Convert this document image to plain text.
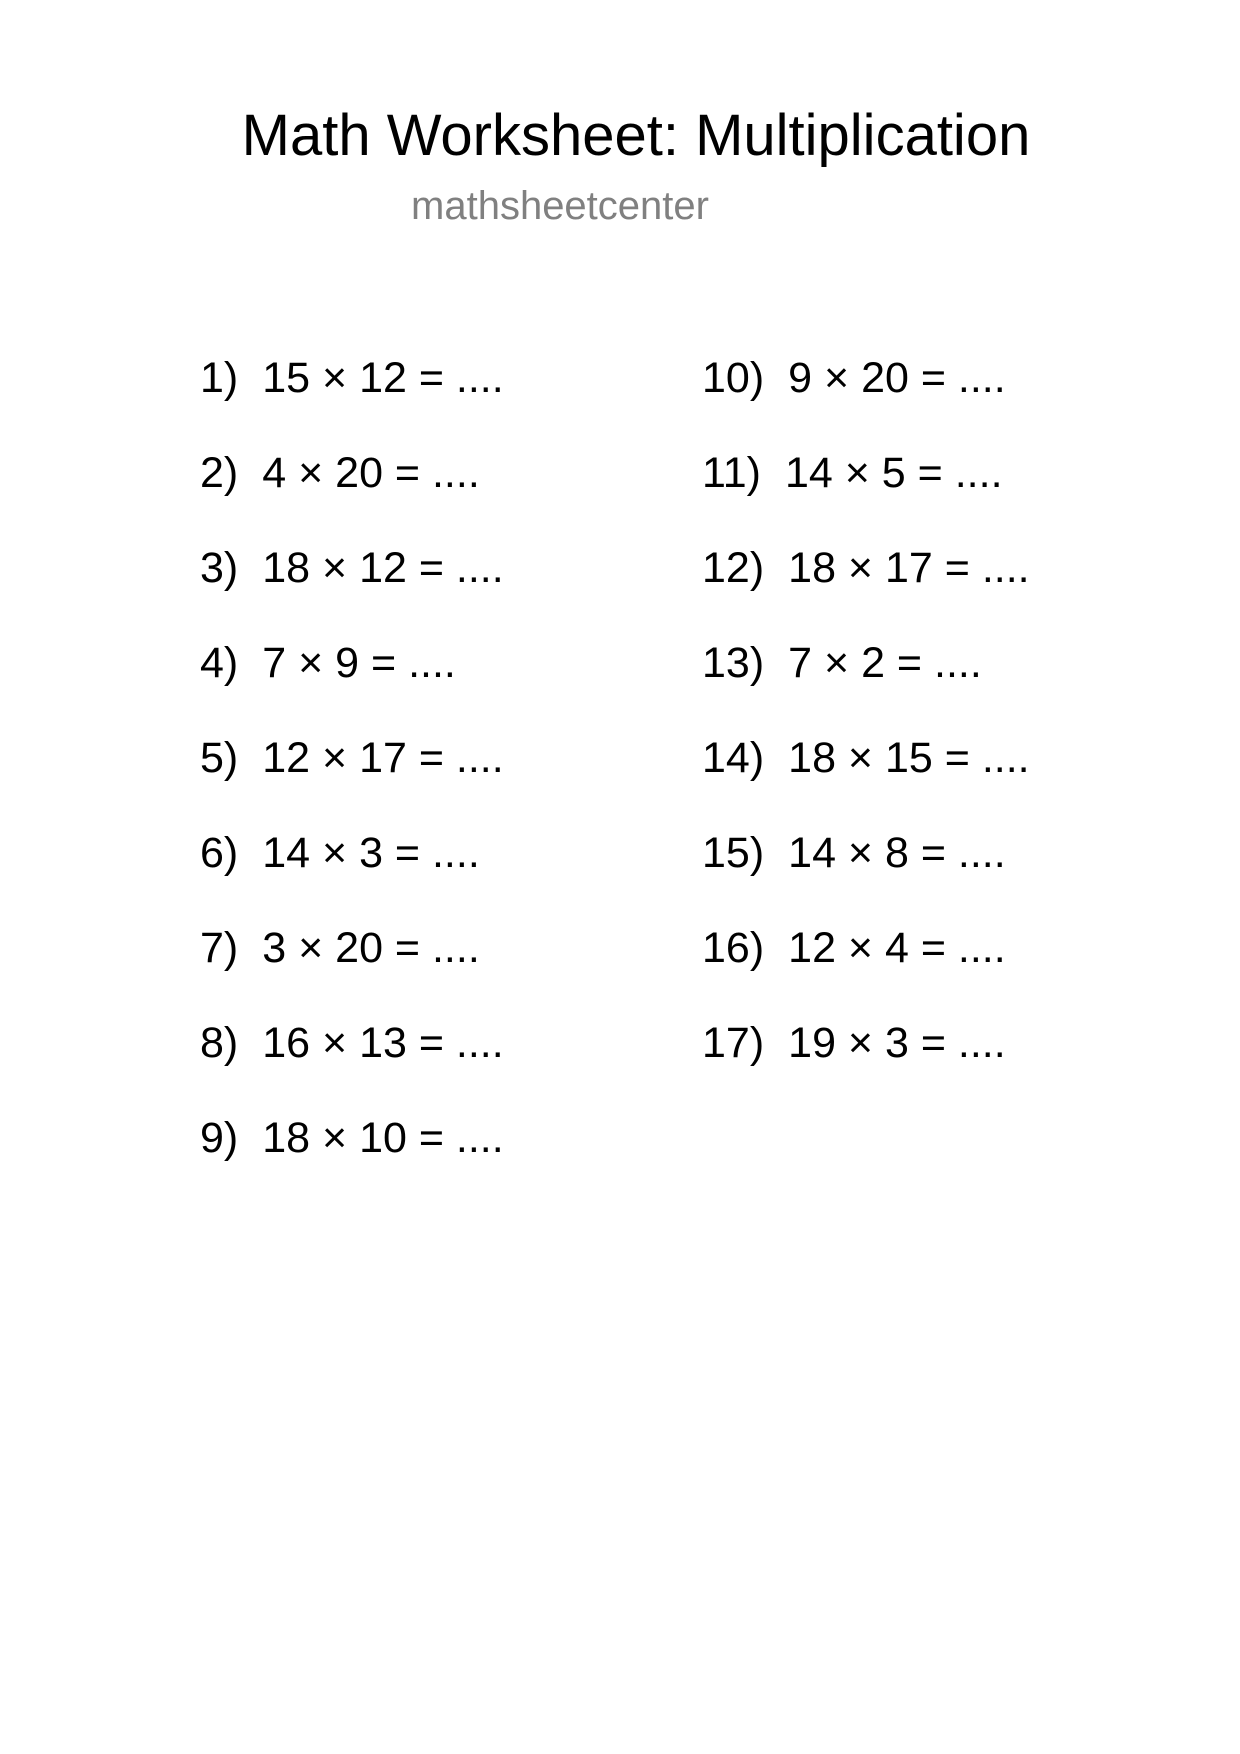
Math Worksheet: Multiplication
mathsheetcenter
1) 15 × 12 = ....
2) 4 × 20 = ....
3) 18 × 12 = ....
4) 7 × 9 = ....
5) 12 × 17 = ....
6) 14 × 3 = ....
7) 3 × 20 = ....
8) 16 × 13 = ....
9) 18 × 10 = ....
10) 9 × 20 = ....
11) 14 × 5 = ....
12) 18 × 17 = ....
13) 7 × 2 = ....
14) 18 × 15 = ....
15) 14 × 8 = ....
16) 12 × 4 = ....
17) 19 × 3 = ....
